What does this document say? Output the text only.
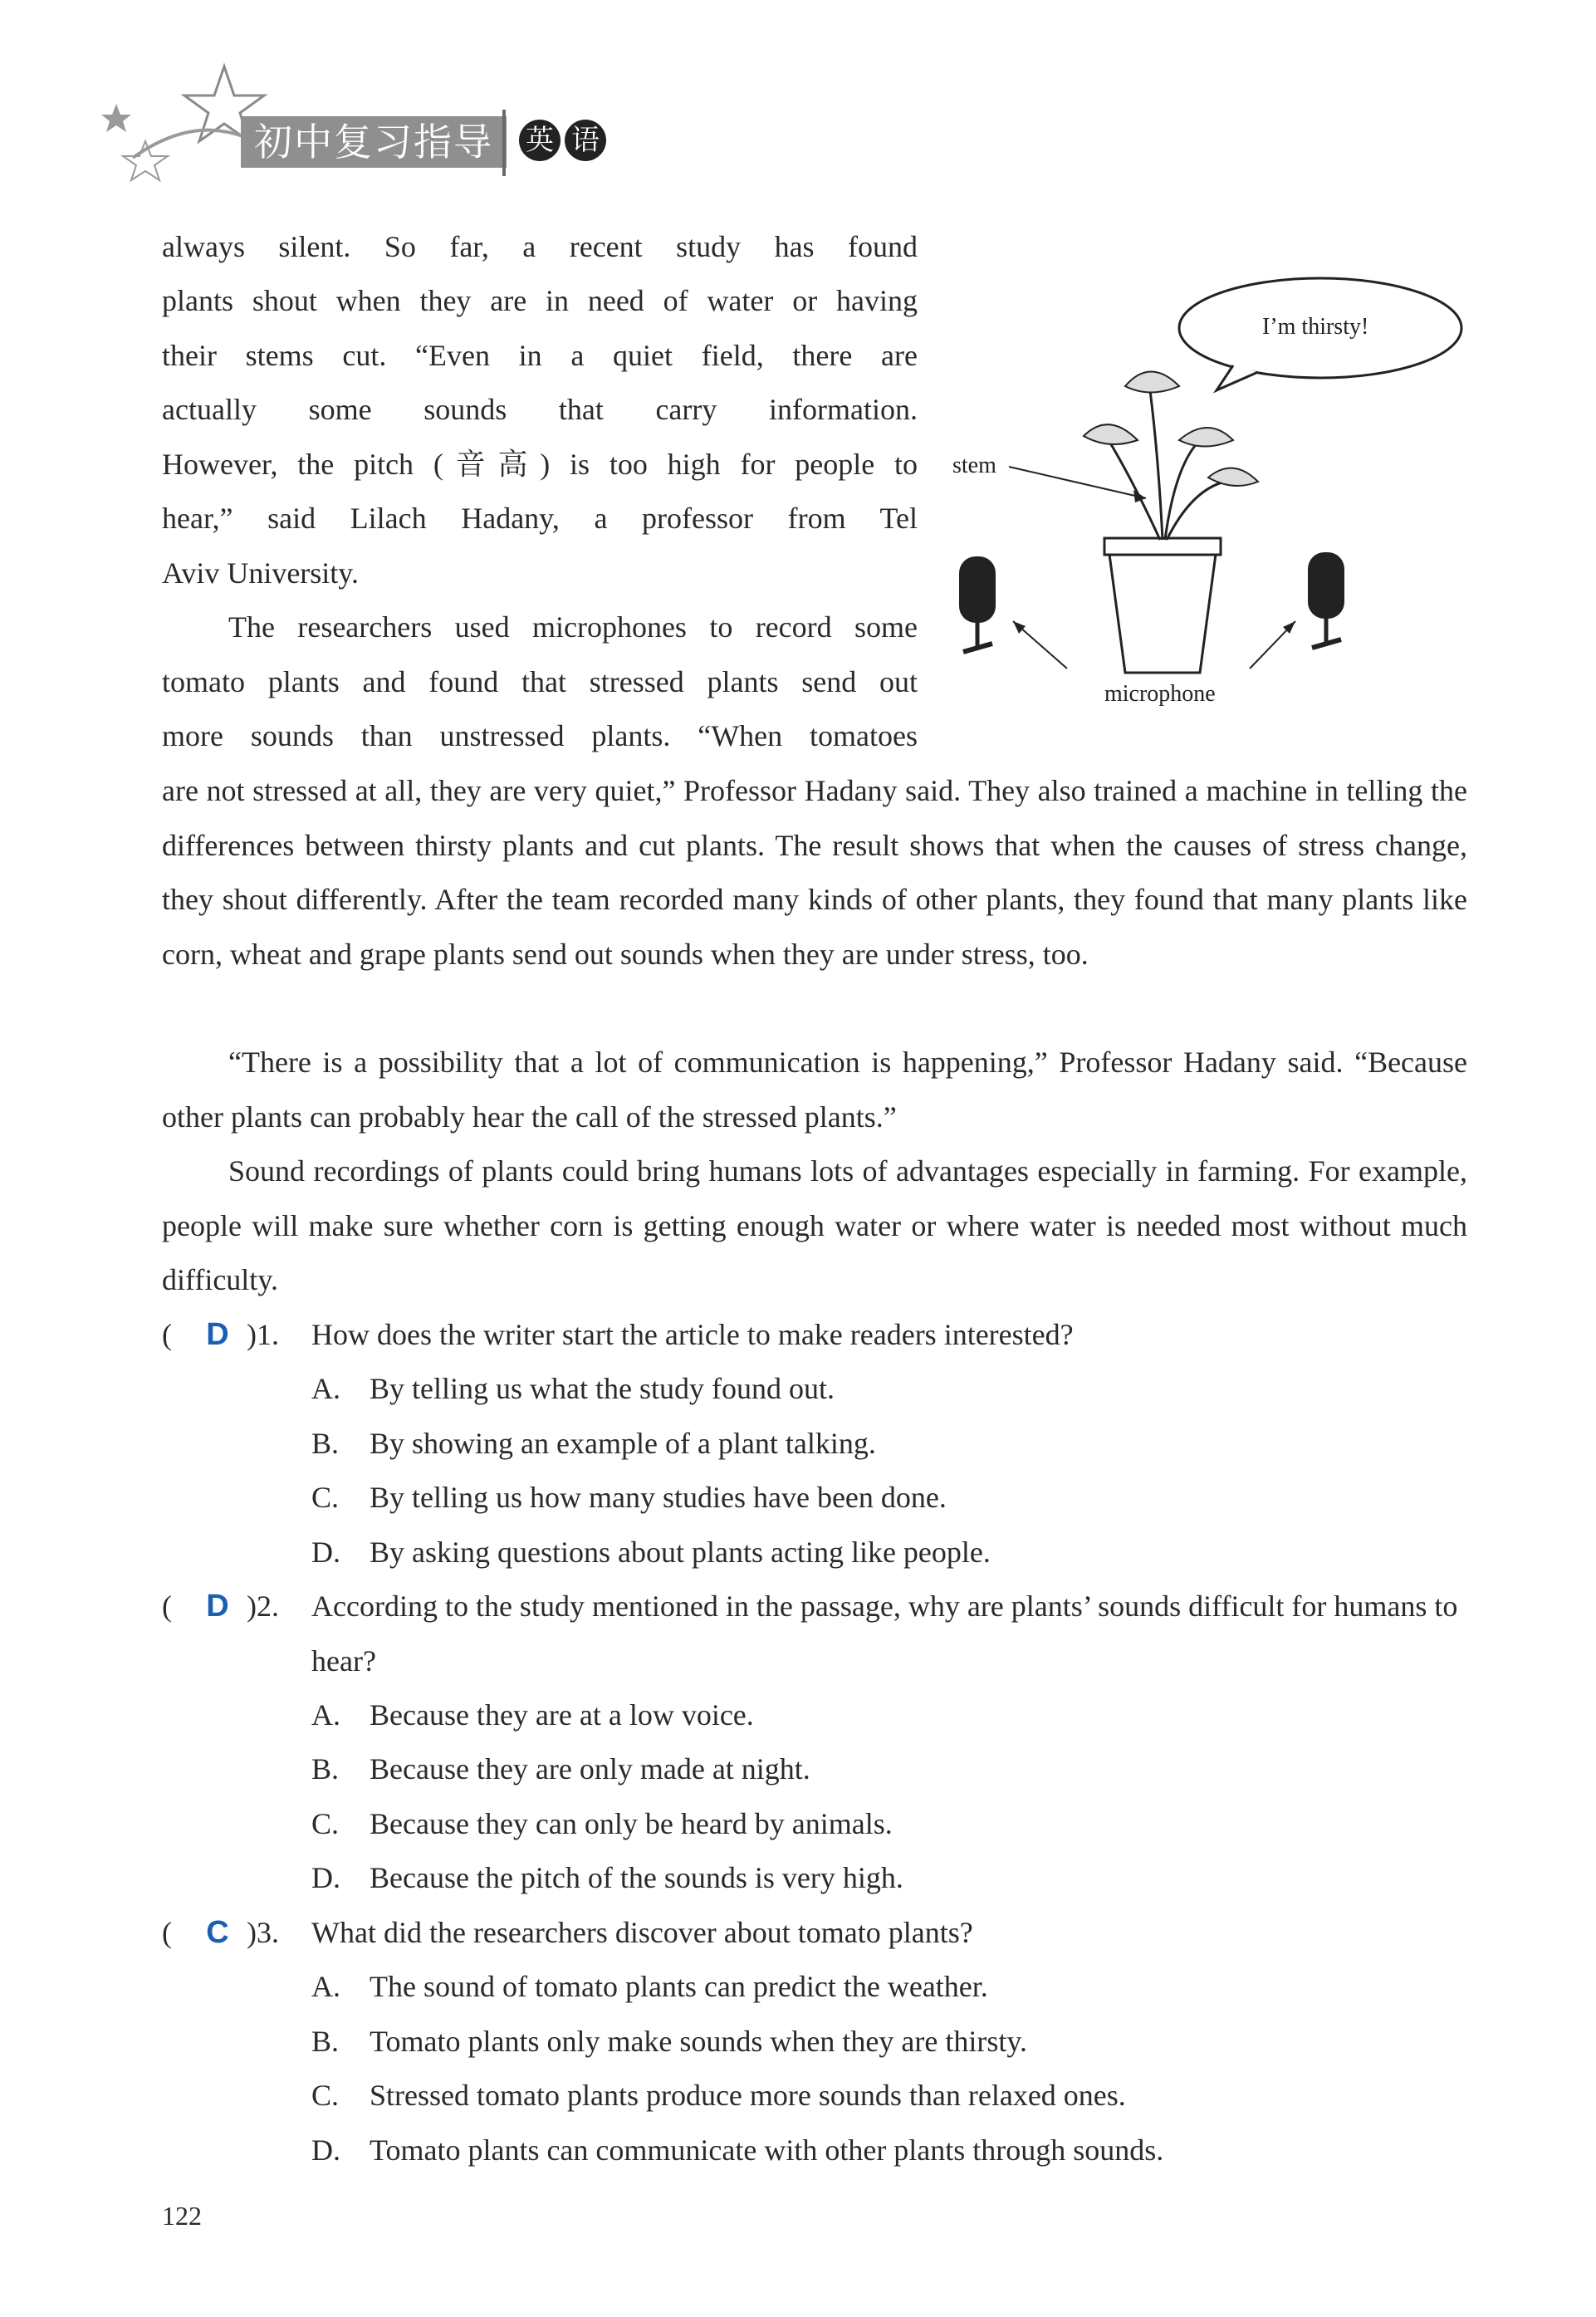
初中复习指导	英 语

always silent. So far, a recent study has found

plants shout when they are in need of water or having

their stems cut. “Even in a quiet field, there are

actually some sounds that carry information.

However, the pitch (音高) is too high for people to

hear,” said Lilach Hadany, a professor from Tel

Aviv University.

The researchers used microphones to record some

tomato plants and found that stressed plants send out

more sounds than unstressed plants. “When tomatoes

are not stressed at all, they are very quiet,” Professor Hadany said. They also trained a machine in telling the differences between thirsty plants and cut plants. The result shows that when the causes of stress change, they shout differently. After the team recorded many kinds of other plants, they found that many plants like corn, wheat and grape plants send out sounds when they are under stress, too.

“There is a possibility that a lot of communication is happening,” Professor Hadany said. “Because other plants can probably hear the call of the stressed plants.”

Sound recordings of plants could bring humans lots of advantages especially in farming. For example, people will make sure whether corn is getting enough water or where water is needed most without much difficulty.

I’m thirsty!
stem
microphone
( D )1. How does the writer start the article to make readers interested?
A. By telling us what the study found out.
B. By showing an example of a plant talking.
C. By telling us how many studies have been done.
D. By asking questions about plants acting like people.
( D )2. According to the study mentioned in the passage, why are plants’ sounds difficult for humans to hear?
A. Because they are at a low voice.
B. Because they are only made at night.
C. Because they can only be heard by animals.
D. Because the pitch of the sounds is very high.
( C )3. What did the researchers discover about tomato plants?
A. The sound of tomato plants can predict the weather.
B. Tomato plants only make sounds when they are thirsty.
C. Stressed tomato plants produce more sounds than relaxed ones.
D. Tomato plants can communicate with other plants through sounds.
122
